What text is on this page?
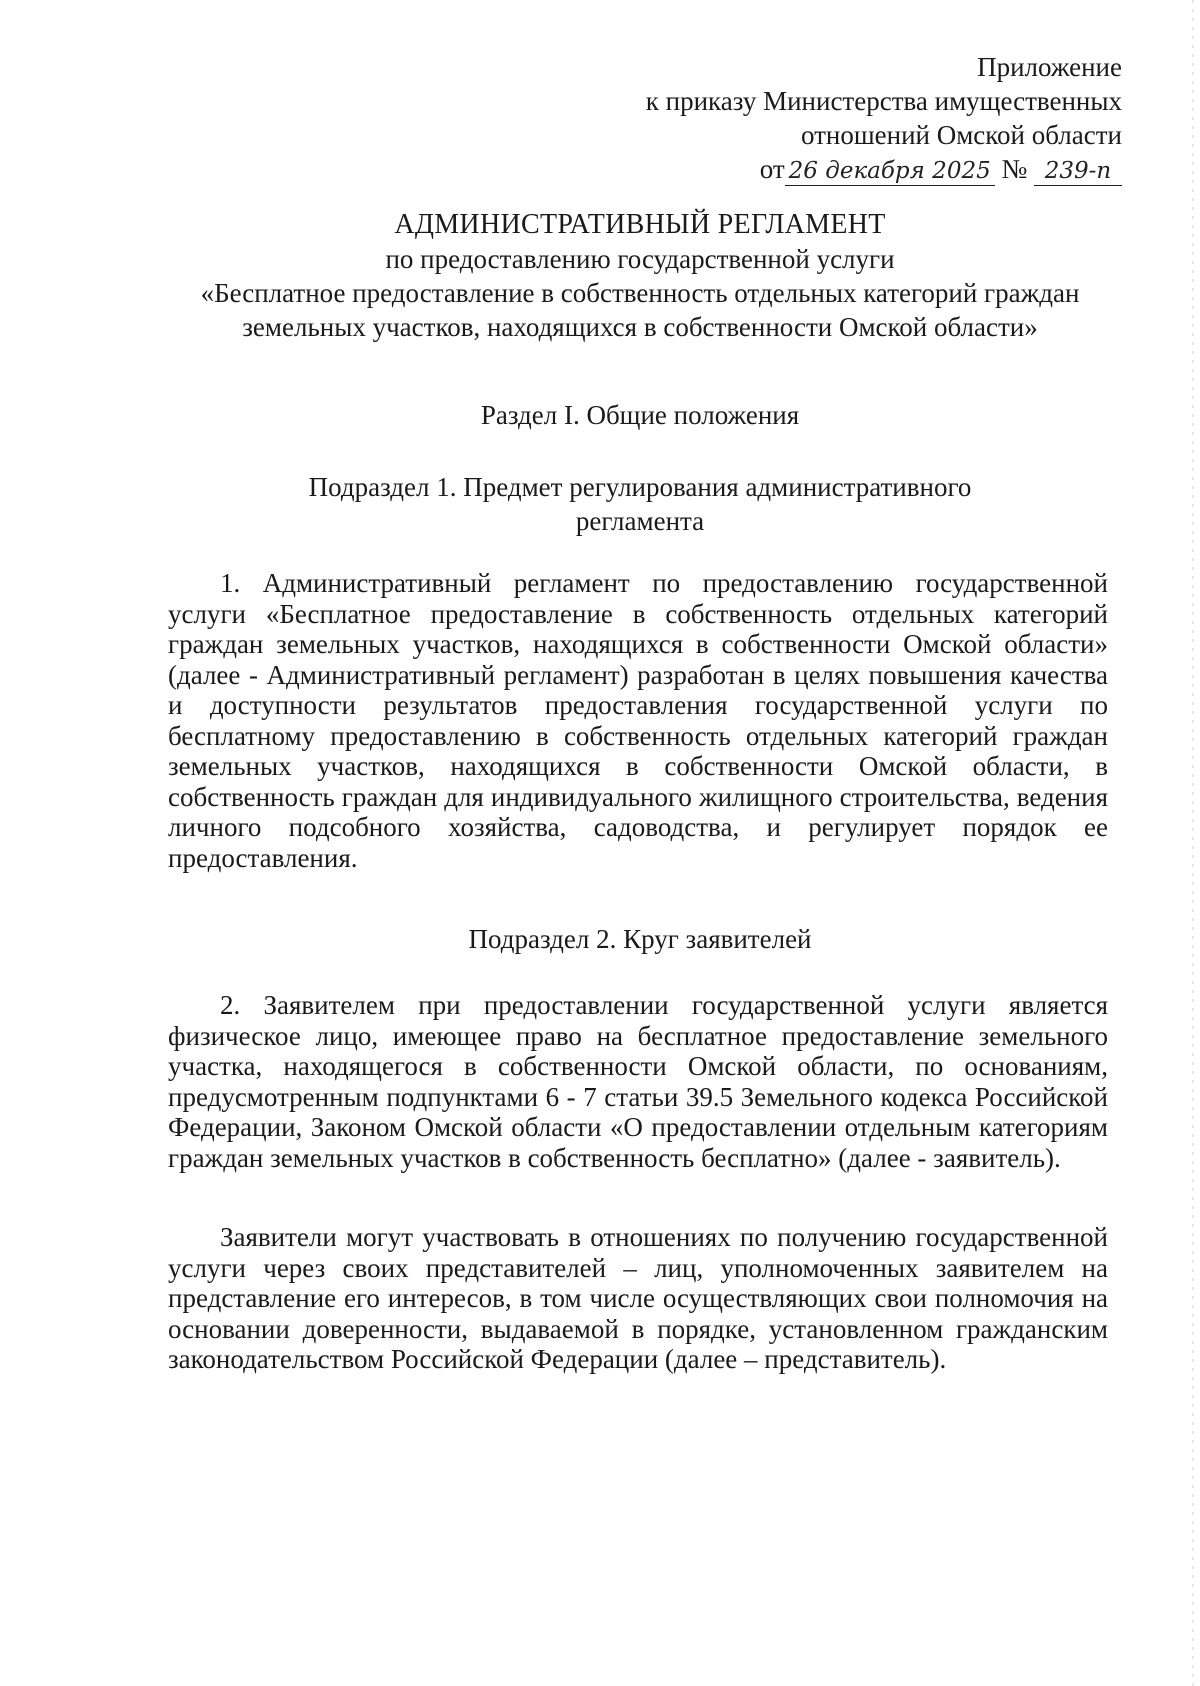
Приложение
к приказу Министерства имущественных
отношений Омской области
от 26 декабря 2025 № 239-п
АДМИНИСТРАТИВНЫЙ РЕГЛАМЕНТ
по предоставлению государственной услуги
«Бесплатное предоставление в собственность отдельных категорий граждан
земельных участков, находящихся в собственности Омской области»
Раздел I. Общие положения
Подраздел 1. Предмет регулирования административного
регламента

1. Административный регламент по предоставлению государственной услуги «Бесплатное предоставление в собственность отдельных категорий граждан земельных участков, находящихся в собственности Омской области» (далее - Административный регламент) разработан в целях повышения качества и доступности результатов предоставления государственной услуги по бесплатному предоставлению в собственность отдельных категорий граждан земельных участков, находящихся в собственности Омской области, в собственность граждан для индивидуального жилищного строительства, ведения личного подсобного хозяйства, садоводства, и регулирует порядок ее предоставления.

Подраздел 2. Круг заявителей

2. Заявителем при предоставлении государственной услуги является физическое лицо, имеющее право на бесплатное предоставление земельного участка, находящегося в собственности Омской области, по основаниям, предусмотренным подпунктами 6 - 7 статьи 39.5 Земельного кодекса Российской Федерации, Законом Омской области «О предоставлении отдельным категориям граждан земельных участков в собственность бесплатно» (далее - заявитель).

Заявители могут участвовать в отношениях по получению государственной услуги через своих представителей – лиц, уполномоченных заявителем на представление его интересов, в том числе осуществляющих свои полномочия на основании доверенности, выдаваемой в порядке, установленном гражданским законодательством Российской Федерации (далее – представитель).
